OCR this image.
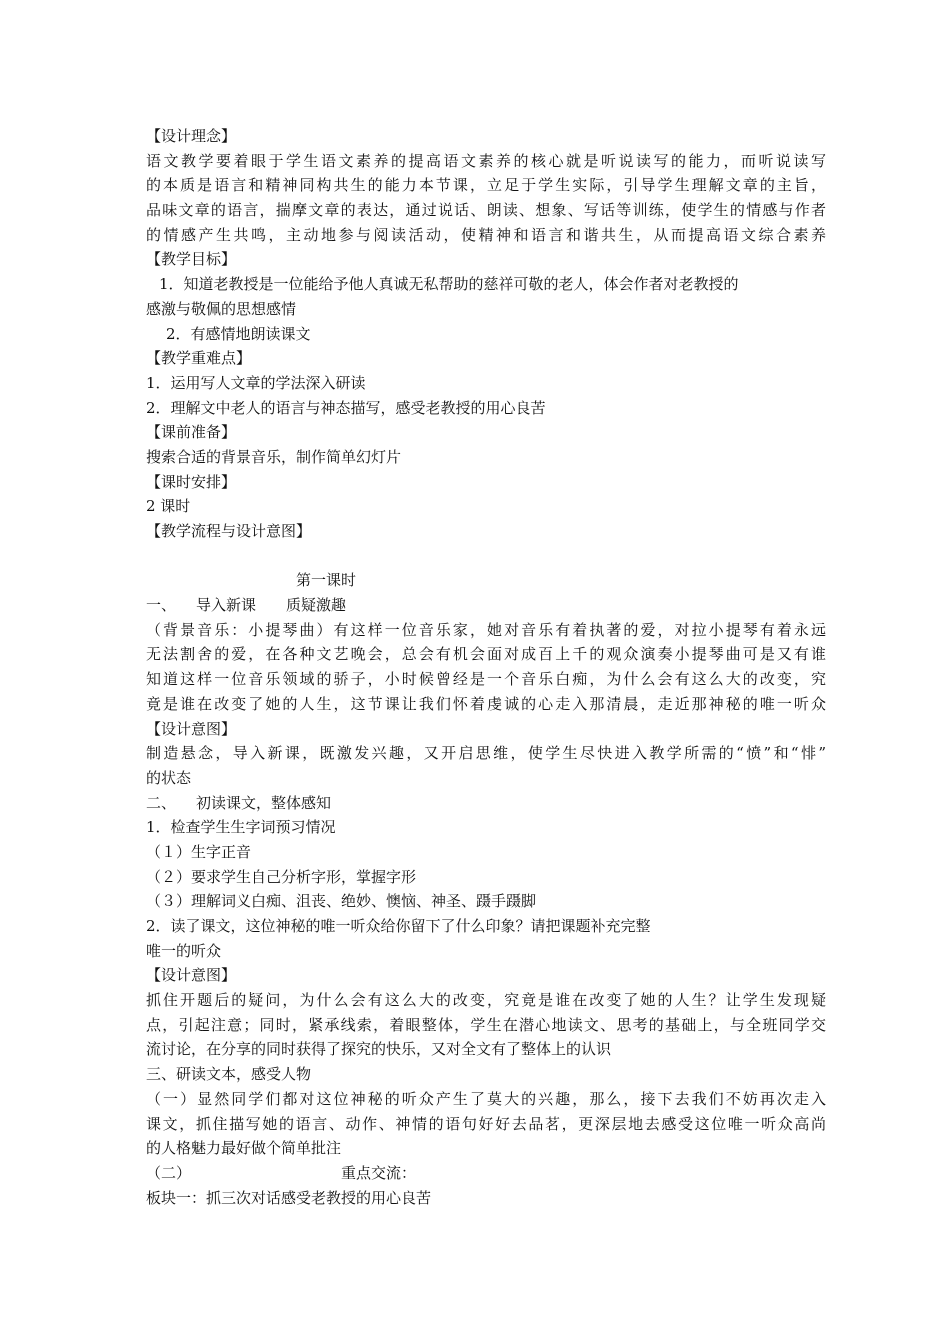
【设计理念】
语文教学要着眼于学生语文素养的提高语文素养的核心就是听说读写的能力，而听说读写
的本质是语言和精神同构共生的能力本节课，立足于学生实际，引导学生理解文章的主旨，
品味文章的语言，揣摩文章的表达，通过说话、朗读、想象、写话等训练，使学生的情感与作者
的情感产生共鸣，主动地参与阅读活动，使精神和语言和谐共生，从而提高语文综合素养
【教学目标】
1．知道老教授是一位能给予他人真诚无私帮助的慈祥可敬的老人，体会作者对老教授的
感激与敬佩的思想感情
2．有感情地朗读课文
【教学重难点】
1．运用写人文章的学法深入研读
2．理解文中老人的语言与神态描写，感受老教授的用心良苦
【课前准备】
搜索合适的背景音乐，制作简单幻灯片
【课时安排】
2 课时
【教学流程与设计意图】
第一课时
一、 导入新课 质疑激趣
（背景音乐：小提琴曲）有这样一位音乐家，她对音乐有着执著的爱，对拉小提琴有着永远
无法割舍的爱，在各种文艺晚会，总会有机会面对成百上千的观众演奏小提琴曲可是又有谁
知道这样一位音乐领域的骄子，小时候曾经是一个音乐白痴，为什么会有这么大的改变，究
竟是谁在改变了她的人生，这节课让我们怀着虔诚的心走入那清晨，走近那神秘的唯一听众
【设计意图】
制造悬念，导入新课，既激发兴趣，又开启思维，使学生尽快进入教学所需的“愤”和“悱”
的状态
二、 初读课文，整体感知
1．检查学生生字词预习情况
（１）生字正音
（２）要求学生自己分析字形，掌握字形
（３）理解词义白痴、沮丧、绝妙、懊恼、神圣、蹑手蹑脚
2．读了课文，这位神秘的唯一听众给你留下了什么印象？请把课题补充完整
唯一的听众
【设计意图】
抓住开题后的疑问，为什么会有这么大的改变，究竟是谁在改变了她的人生？让学生发现疑
点，引起注意；同时，紧承线索，着眼整体，学生在潜心地读文、思考的基础上，与全班同学交
流讨论，在分享的同时获得了探究的快乐，又对全文有了整体上的认识
三、研读文本，感受人物
（一）显然同学们都对这位神秘的听众产生了莫大的兴趣，那么，接下去我们不妨再次走入
课文，抓住描写她的语言、动作、神情的语句好好去品茗，更深层地去感受这位唯一听众高尚
的人格魅力最好做个简单批注
（二）	重点交流：
板块一：抓三次对话感受老教授的用心良苦
